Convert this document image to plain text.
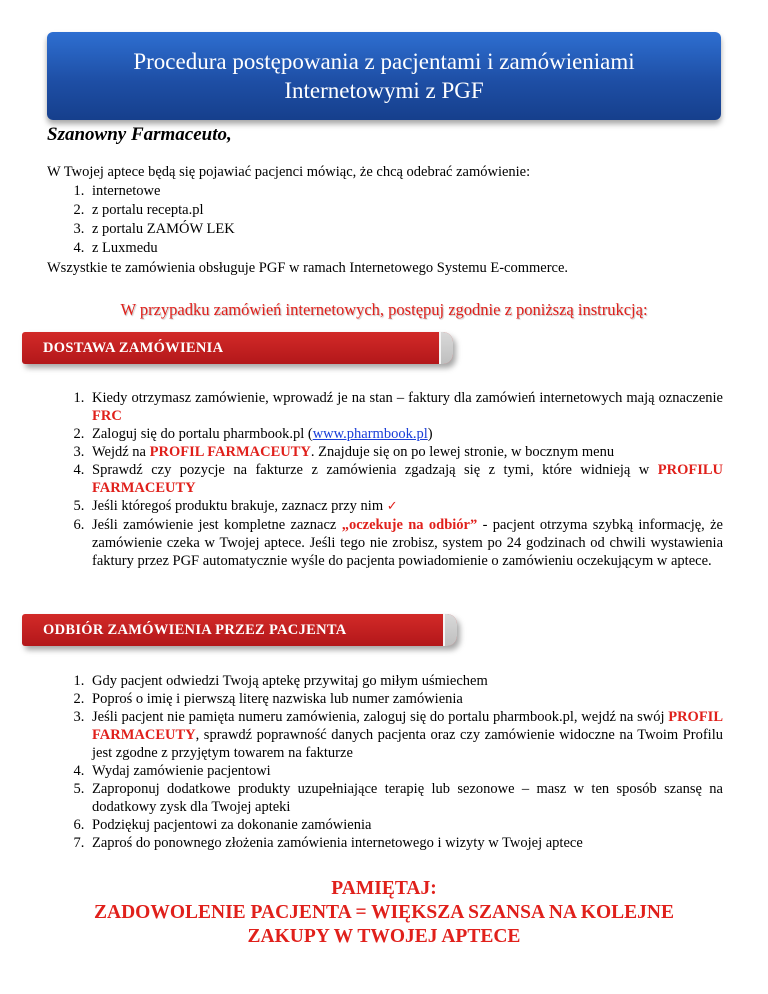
Procedura postępowania z pacjentami i zamówieniami
Internetowymi z PGF
Szanowny Farmaceuto,
W Twojej aptece będą się pojawiać pacjenci mówiąc, że chcą odebrać zamówienie:
1. internetowe
2. z portalu recepta.pl
3. z portalu ZAMÓW LEK
4. z Luxmedu
Wszystkie te zamówienia obsługuje PGF w ramach Internetowego Systemu E-commerce.
W przypadku zamówień internetowych, postępuj zgodnie z poniższą instrukcją:
DOSTAWA ZAMÓWIENIA
1. Kiedy otrzymasz zamówienie, wprowadź je na stan – faktury dla zamówień internetowych mają oznaczenie FRC
2. Zaloguj się do portalu pharmbook.pl (www.pharmbook.pl)
3. Wejdź na PROFIL FARMACEUTY. Znajduje się on po lewej stronie, w bocznym menu
4. Sprawdź czy pozycje na fakturze z zamówienia zgadzają się z tymi, które widnieją w PROFILU FARMACEUTY
5. Jeśli któregoś produktu brakuje, zaznacz przy nim ✓
6. Jeśli zamówienie jest kompletne zaznacz „oczekuje na odbiór” - pacjent otrzyma szybką informację, że zamówienie czeka w Twojej aptece. Jeśli tego nie zrobisz, system po 24 godzinach od chwili wystawienia faktury przez PGF automatycznie wyśle do pacjenta powiadomienie o zamówieniu oczekującym w aptece.
ODBIÓR ZAMÓWIENIA PRZEZ PACJENTA
1. Gdy pacjent odwiedzi Twoją aptekę przywitaj go miłym uśmiechem
2. Poproś o imię i pierwszą literę nazwiska lub numer zamówienia
3. Jeśli pacjent nie pamięta numeru zamówienia, zaloguj się do portalu pharmbook.pl, wejdź na swój PROFIL FARMACEUTY, sprawdź poprawność danych pacjenta oraz czy zamówienie widoczne na Twoim Profilu jest zgodne z przyjętym towarem na fakturze
4. Wydaj zamówienie pacjentowi
5. Zaproponuj dodatkowe produkty uzupełniające terapię lub sezonowe – masz w ten sposób szansę na dodatkowy zysk dla Twojej apteki
6. Podziękuj pacjentowi za dokonanie zamówienia
7. Zaproś do ponownego złożenia zamówienia internetowego i wizyty w Twojej aptece
PAMIĘTAJ:
ZADOWOLENIE PACJENTA = WIĘKSZA SZANSA NA KOLEJNE
ZAKUPY W TWOJEJ APTECE
